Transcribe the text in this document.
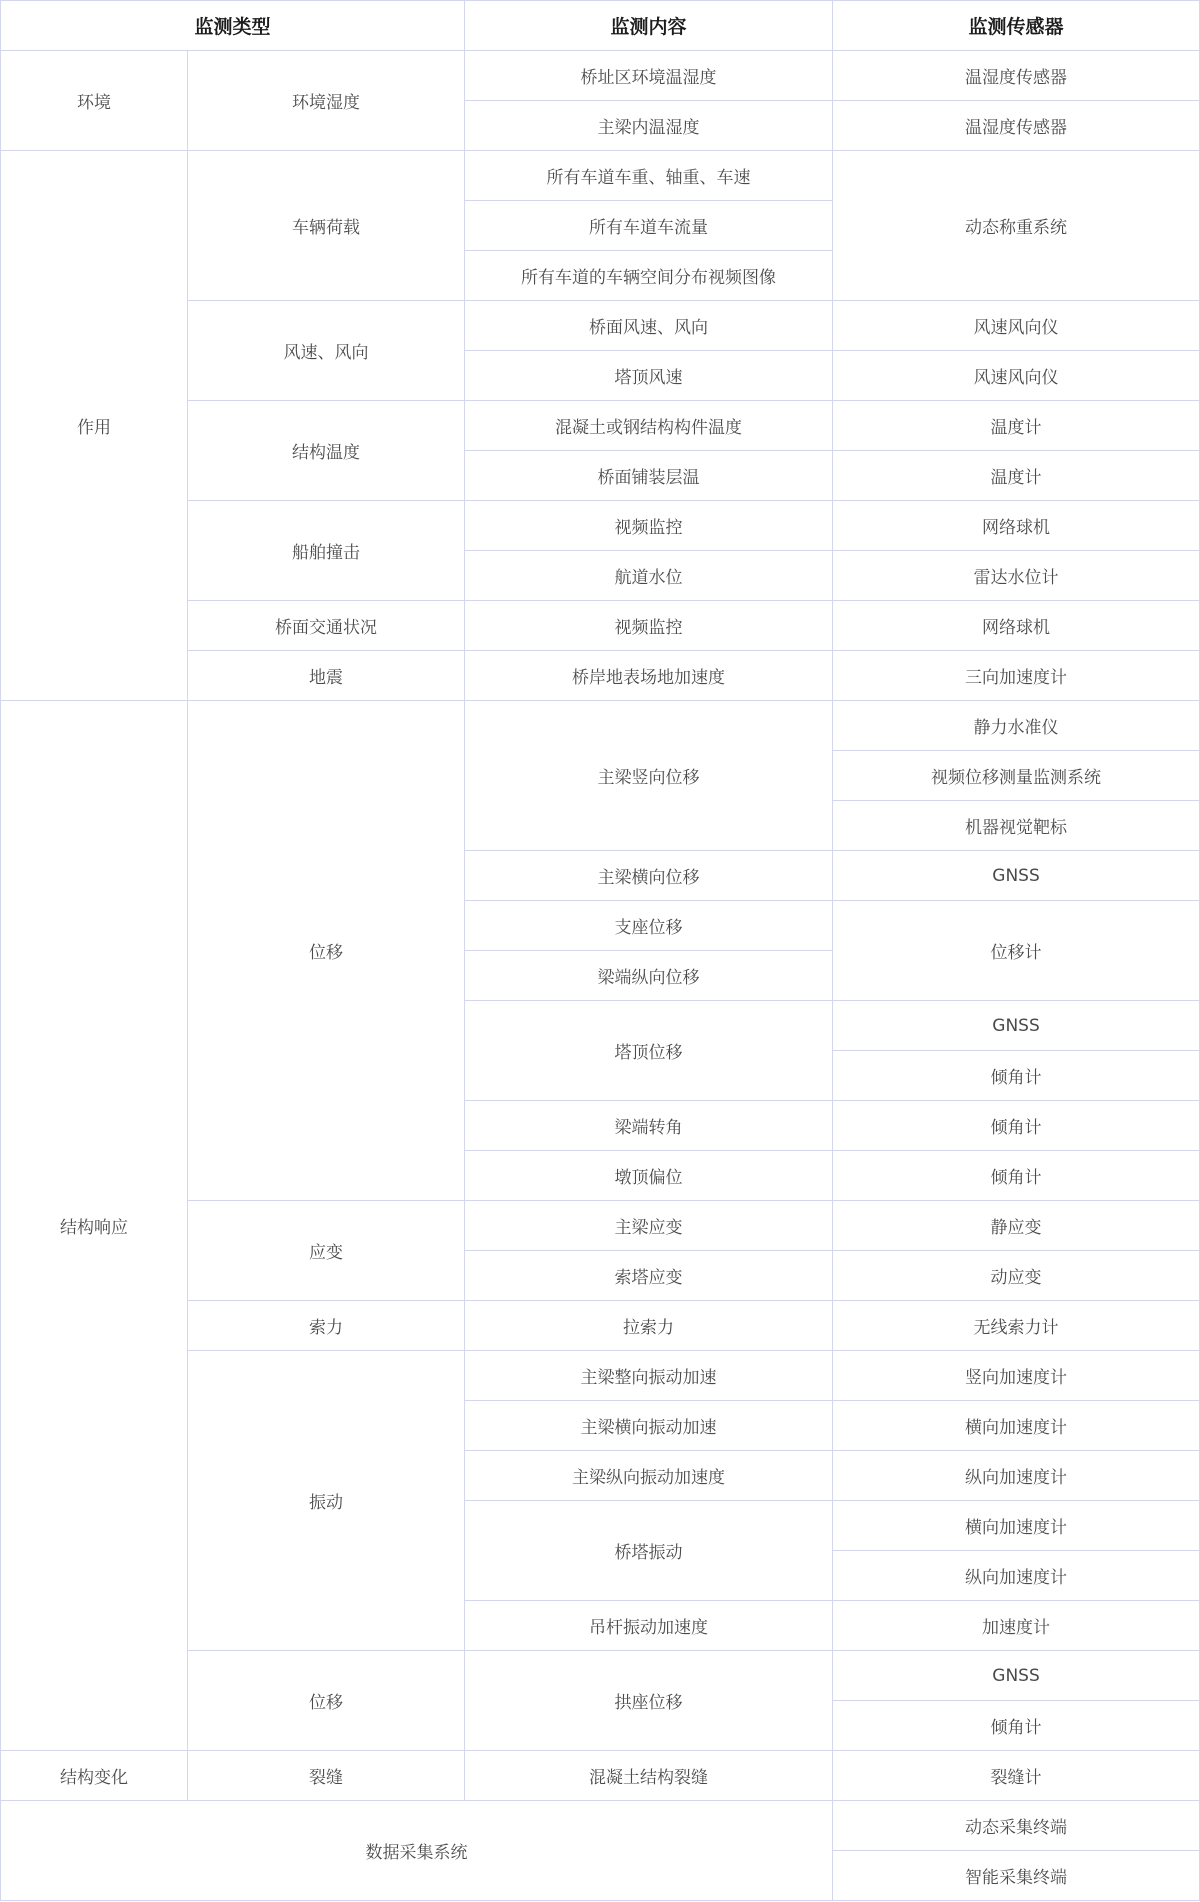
监测类型		监测内容	监测传感器
环境	环境湿度	桥址区环境温湿度	温湿度传感器
		主梁内温湿度	温湿度传感器
作用	车辆荷载	所有车道车重、轴重、车速	动态称重系统
		所有车道车流量	
		所有车道的车辆空间分布视频图像	
	风速、风向	桥面风速、风向	风速风向仪
		塔顶风速	风速风向仪
	结构温度	混凝土或钢结构构件温度	温度计
		桥面铺装层温	温度计
	船舶撞击	视频监控	网络球机
		航道水位	雷达水位计
	桥面交通状况	视频监控	网络球机
	地震	桥岸地表场地加速度	三向加速度计
结构响应	位移	主梁竖向位移	静力水准仪
			视频位移测量监测系统
			机器视觉靶标
		主梁横向位移	GNSS
		支座位移	位移计
		梁端纵向位移	
		塔顶位移	GNSS
			倾角计
		梁端转角	倾角计
		墩顶偏位	倾角计
	应变	主梁应变	静应变
		索塔应变	动应变
	索力	拉索力	无线索力计
	振动	主梁整向振动加速	竖向加速度计
		主梁横向振动加速	横向加速度计
		主梁纵向振动加速度	纵向加速度计
		桥塔振动	横向加速度计
			纵向加速度计
		吊杆振动加速度	加速度计
	位移	拱座位移	GNSS
			倾角计
结构变化	裂缝	混凝土结构裂缝	裂缝计
数据采集系统			动态采集终端
			智能采集终端
